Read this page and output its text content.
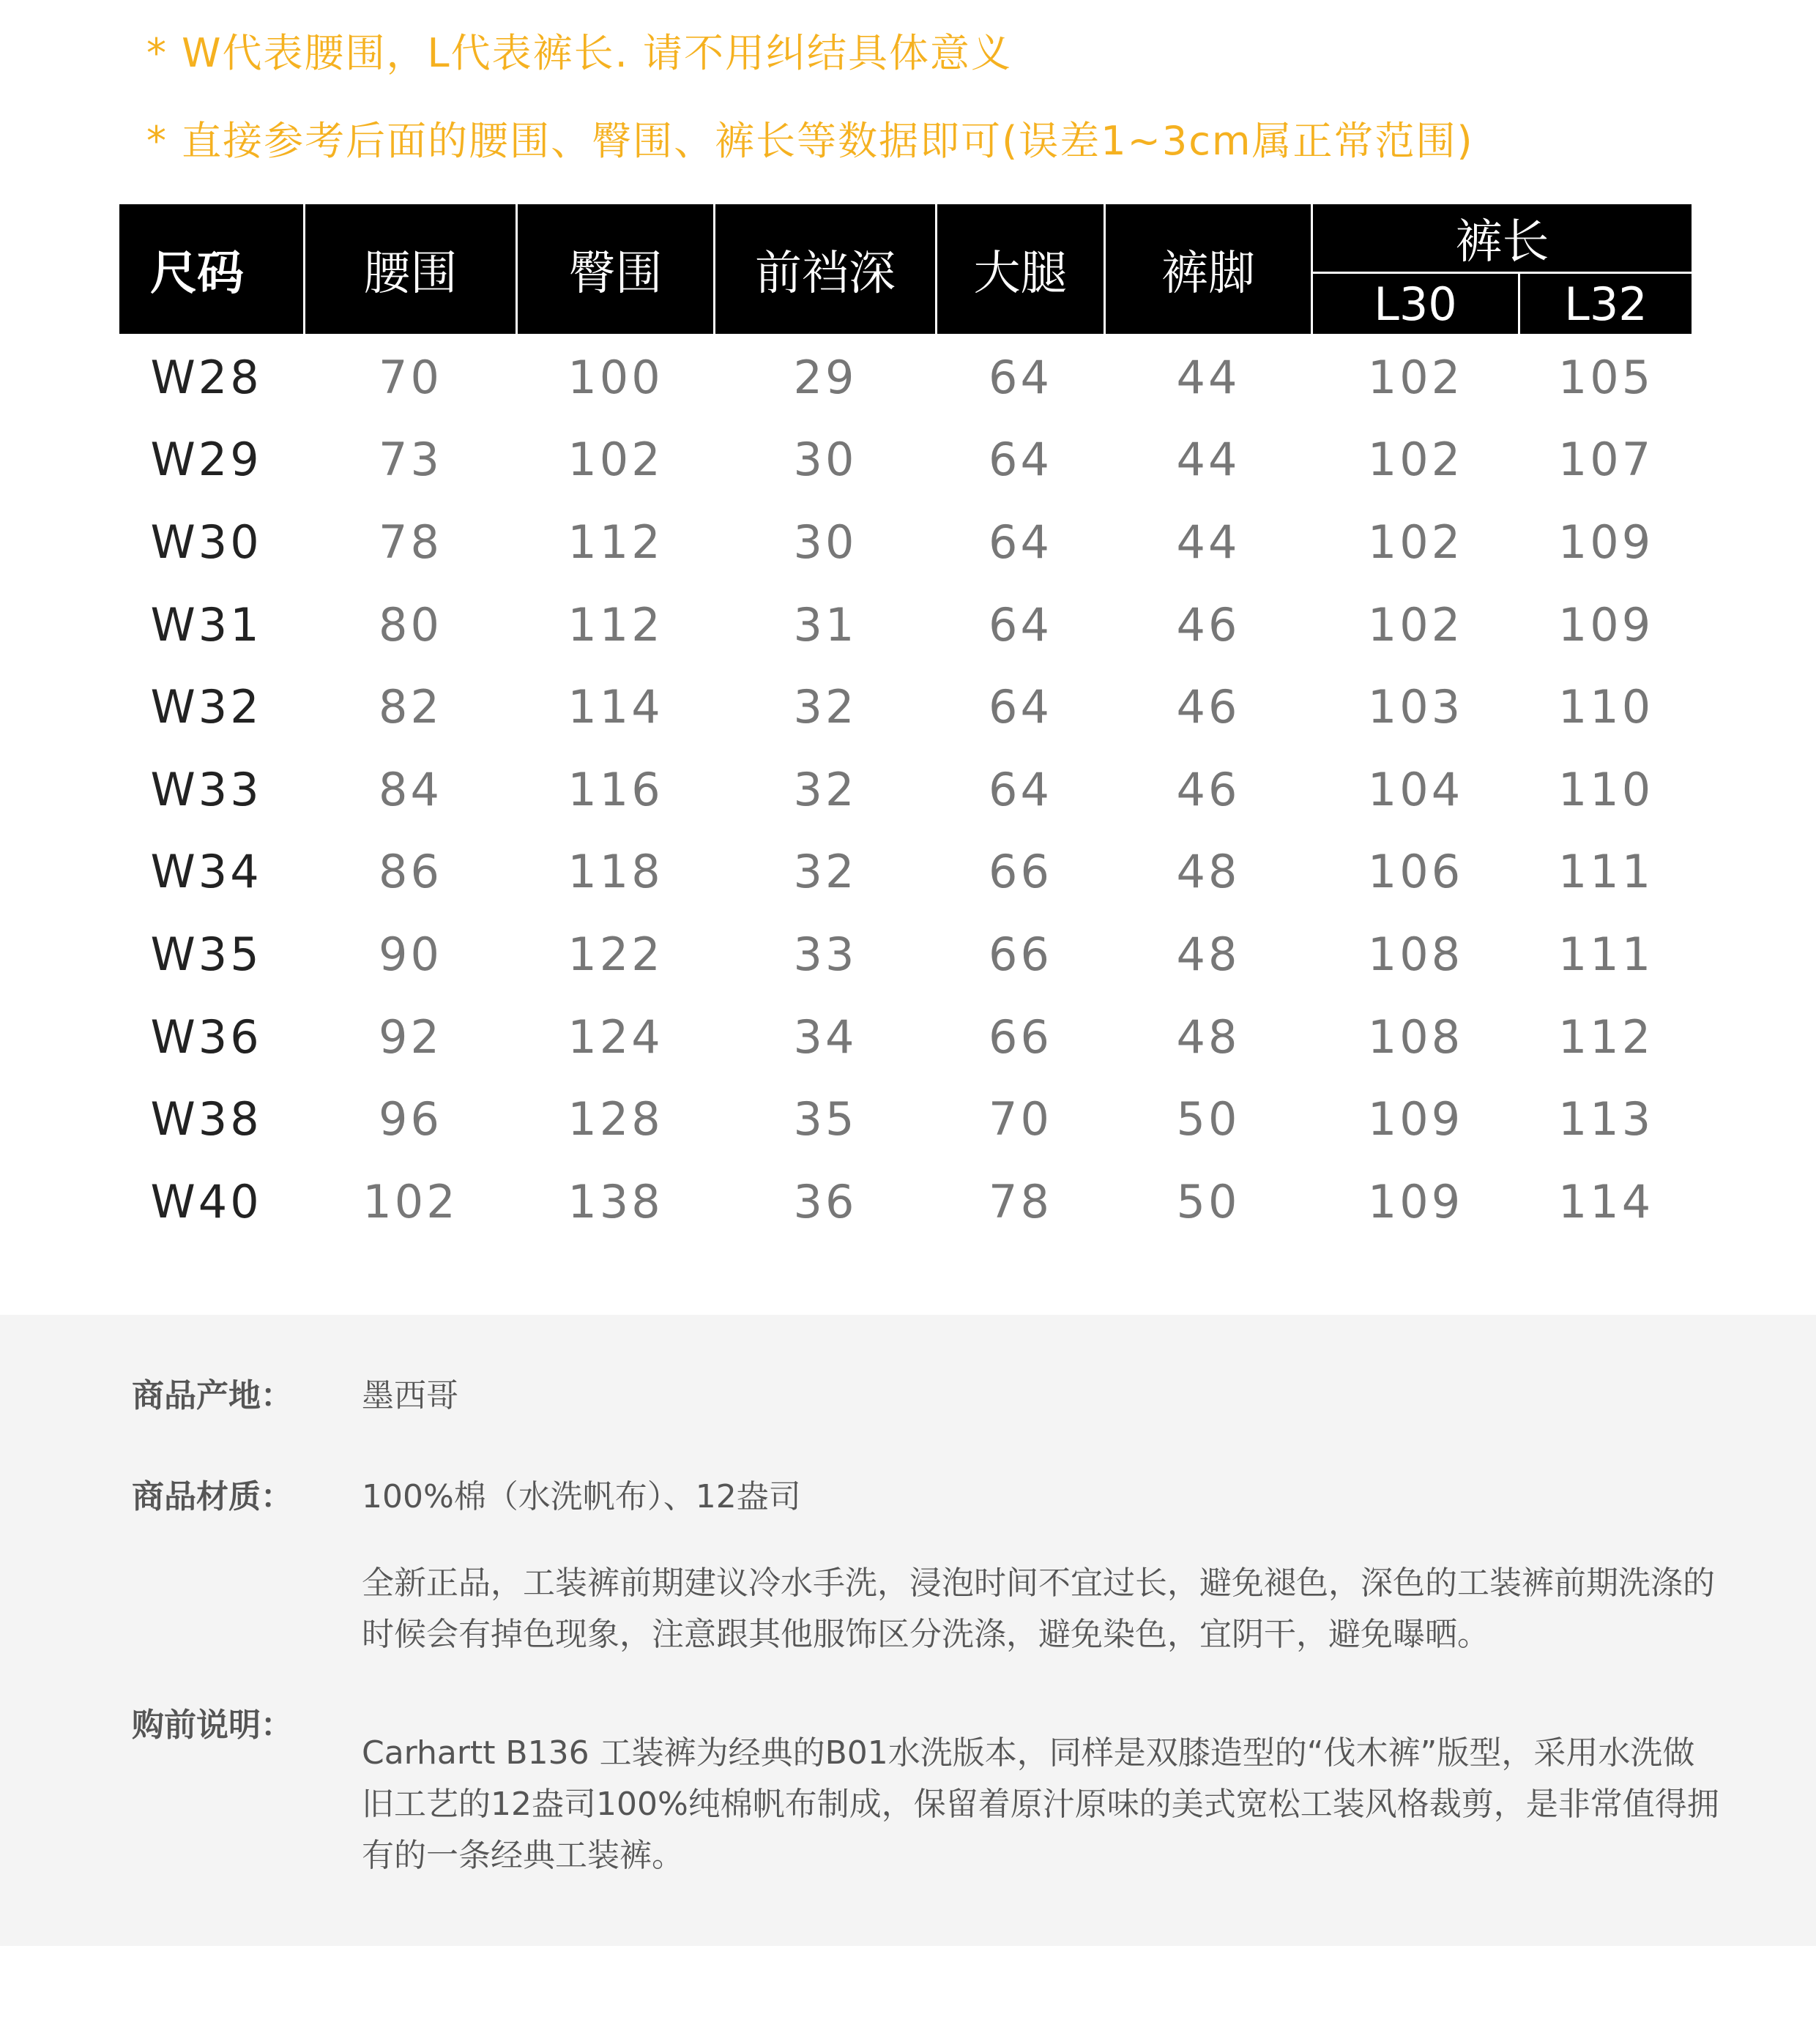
* W代表腰围，L代表裤长. 请不用纠结具体意义
* 直接参考后面的腰围、臀围、裤长等数据即可(误差1~3cm属正常范围)
尺码	腰围	臀围	前裆深	大腿	裤脚	裤长	
						L30	L32
W28	70	100	29	64	44	102	105
W29	73	102	30	64	44	102	107
W30	78	112	30	64	44	102	109
W31	80	112	31	64	46	102	109
W32	82	114	32	64	46	103	110
W33	84	116	32	64	46	104	110
W34	86	118	32	66	48	106	111
W35	90	122	33	66	48	108	111
W36	92	124	34	66	48	108	112
W38	96	128	35	70	50	109	113
W40	102	138	36	78	50	109	114
商品产地： 墨西哥
商品材质： 100%棉（水洗帆布）、12盎司

全新正品，工装裤前期建议冷水手洗，浸泡时间不宜过长，避免褪色，深色的工装裤前期洗涤的时候会有掉色现象，注意跟其他服饰区分洗涤，避免染色，宜阴干，避免曝晒。

购前说明：

Carhartt B136 工装裤为经典的B01水洗版本，同样是双膝造型的“伐木裤”版型，采用水洗做旧工艺的12盎司100%纯棉帆布制成，保留着原汁原味的美式宽松工装风格裁剪，是非常值得拥有的一条经典工装裤。
